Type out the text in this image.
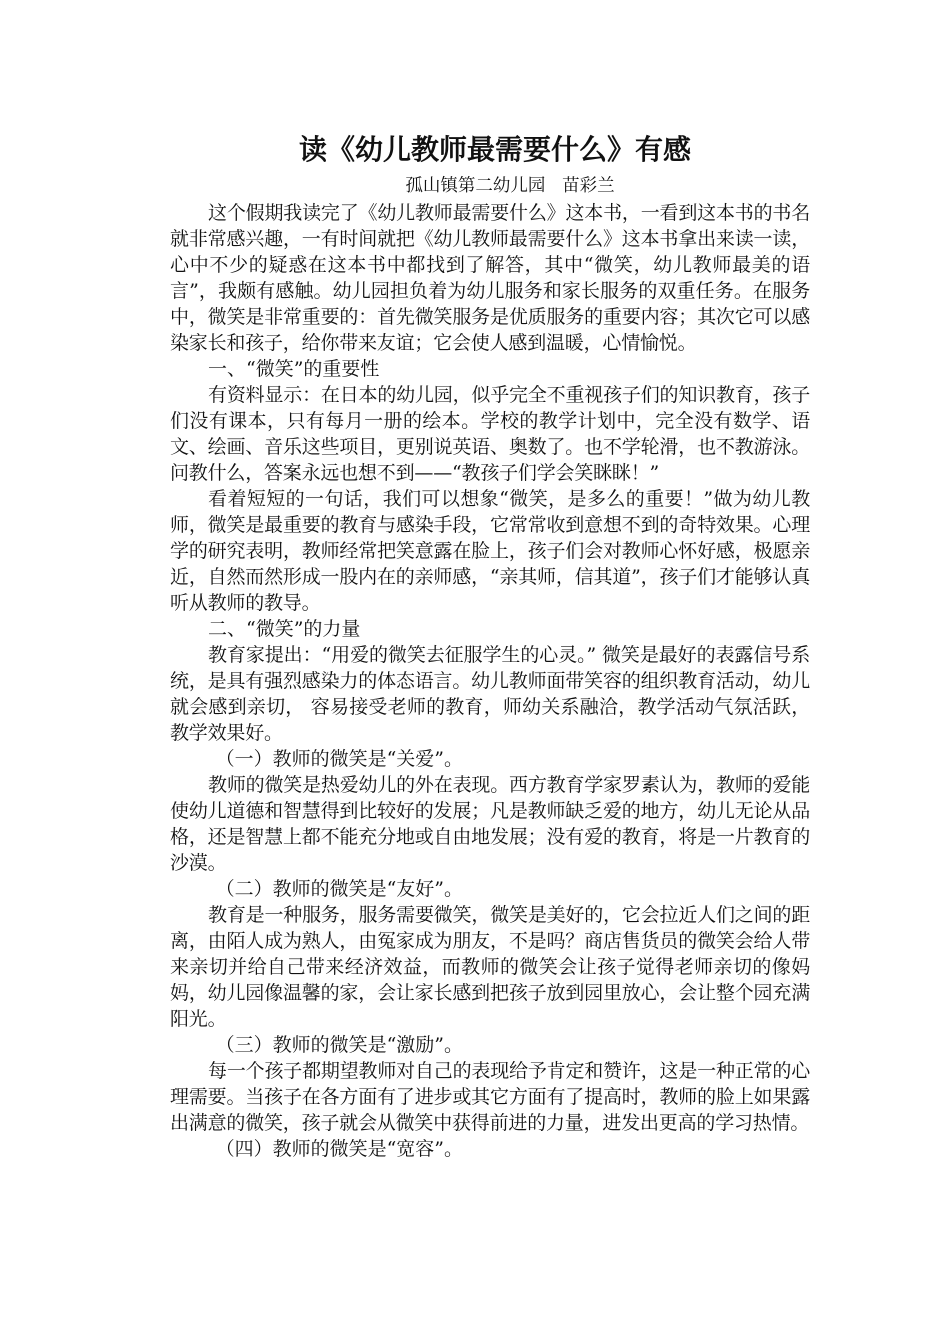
读《幼儿教师最需要什么》有感

孤山镇第二幼儿园   苗彩兰

这个假期我读完了《幼儿教师最需要什么》这本书，一看到这本书的书名就非常感兴趣，一有时间就把《幼儿教师最需要什么》这本书拿出来读一读，心中不少的疑惑在这本书中都找到了解答，其中“微笑，幼儿教师最美的语言”，我颇有感触。幼儿园担负着为幼儿服务和家长服务的双重任务。在服务中，微笑是非常重要的：首先微笑服务是优质服务的重要内容；其次它可以感染家长和孩子，给你带来友谊；它会使人感到温暖，心情愉悦。

一、“微笑”的重要性

有资料显示：在日本的幼儿园，似乎完全不重视孩子们的知识教育，孩子们没有课本，只有每月一册的绘本。学校的教学计划中，完全没有数学、语文、绘画、音乐这些项目，更别说英语、奥数了。也不学轮滑，也不教游泳。问教什么，答案永远也想不到——“教孩子们学会笑眯眯！”

看着短短的一句话，我们可以想象“微笑，是多么的重要！”做为幼儿教师，微笑是最重要的教育与感染手段，它常常收到意想不到的奇特效果。心理学的研究表明，教师经常把笑意露在脸上，孩子们会对教师心怀好感，极愿亲近，自然而然形成一股内在的亲师感，“亲其师，信其道”，孩子们才能够认真听从教师的教导。

二、“微笑”的力量

教育家提出：“用爱的微笑去征服学生的心灵。” 微笑是最好的表露信号系统，是具有强烈感染力的体态语言。幼儿教师面带笑容的组织教育活动，幼儿就会感到亲切， 容易接受老师的教育，师幼关系融洽，教学活动气氛活跃，教学效果好。

（一）教师的微笑是“关爱”。

教师的微笑是热爱幼儿的外在表现。西方教育学家罗素认为，教师的爱能使幼儿道德和智慧得到比较好的发展；凡是教师缺乏爱的地方，幼儿无论从品格，还是智慧上都不能充分地或自由地发展；没有爱的教育，将是一片教育的沙漠。

（二）教师的微笑是“友好”。

教育是一种服务，服务需要微笑，微笑是美好的，它会拉近人们之间的距离，由陌人成为熟人，由冤家成为朋友，不是吗？商店售货员的微笑会给人带来亲切并给自己带来经济效益，而教师的微笑会让孩子觉得老师亲切的像妈妈，幼儿园像温馨的家，会让家长感到把孩子放到园里放心，会让整个园充满阳光。

（三）教师的微笑是“激励”。

每一个孩子都期望教师对自己的表现给予肯定和赞许，这是一种正常的心理需要。当孩子在各方面有了进步或其它方面有了提高时，教师的脸上如果露出满意的微笑，孩子就会从微笑中获得前进的力量，进发出更高的学习热情。

（四）教师的微笑是“宽容”。
